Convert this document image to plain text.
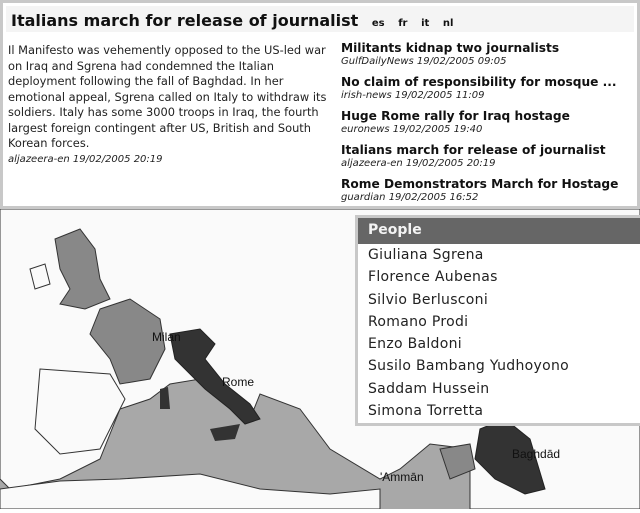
Italians march for release of journalist es fr it nl
Il Manifesto was vehemently opposed to the US-led war on Iraq and Sgrena had condemned the Italian deployment following the fall of Baghdad. In her emotional appeal, Sgrena called on Italy to withdraw its soldiers. Italy has some 3000 troops in Iraq, the fourth largest foreign contingent after US, British and South Korean forces.
aljazeera-en 19/02/2005 20:19
Militants kidnap two journalists
GulfDailyNews 19/02/2005 09:05
No claim of responsibility for mosque ...
irish-news 19/02/2005 11:09
Huge Rome rally for Iraq hostage
euronews 19/02/2005 19:40
Italians march for release of journalist
aljazeera-en 19/02/2005 20:19
Rome Demonstrators March for Hostage
guardian 19/02/2005 16:52
Milan
Rome
'Ammān
Baghdād
People
Giuliana Sgrena
Florence Aubenas
Silvio Berlusconi
Romano Prodi
Enzo Baldoni
Susilo Bambang Yudhoyono
Saddam Hussein
Simona Torretta
